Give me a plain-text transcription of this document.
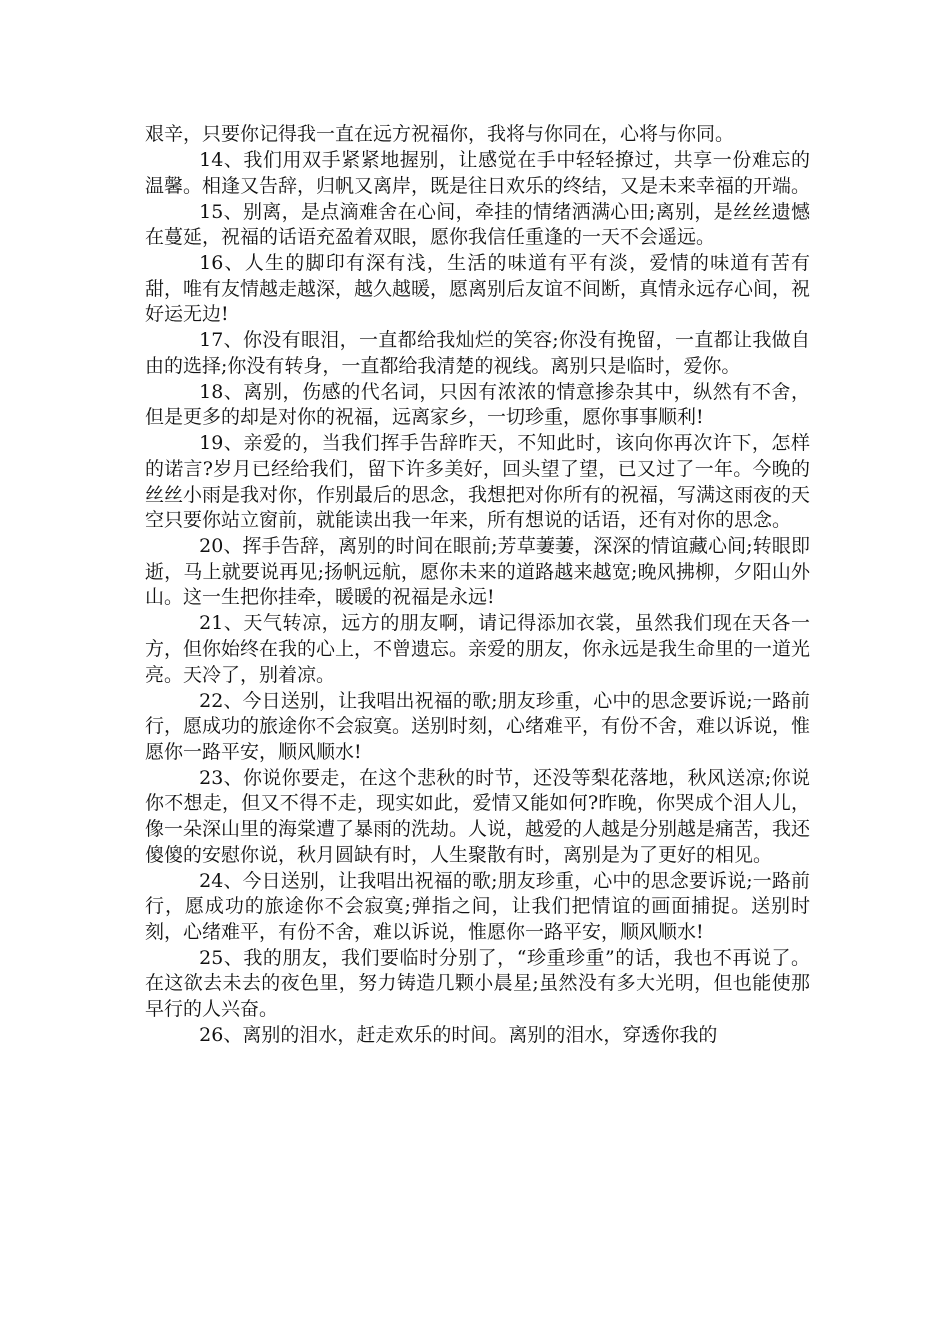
艰辛，只要你记得我一直在远方祝福你，我将与你同在，心将与你同。

14、我们用双手紧紧地握别，让感觉在手中轻轻撩过，共享一份难忘的温馨。相逢又告辞，归帆又离岸，既是往日欢乐的终结，又是未来幸福的开端。

15、别离，是点滴难舍在心间，牵挂的情绪洒满心田;离别，是丝丝遗憾在蔓延，祝福的话语充盈着双眼，愿你我信任重逢的一天不会遥远。

16、人生的脚印有深有浅，生活的味道有平有淡，爱情的味道有苦有甜，唯有友情越走越深，越久越暖，愿离别后友谊不间断，真情永远存心间，祝好运无边!

17、你没有眼泪，一直都给我灿烂的笑容;你没有挽留，一直都让我做自由的选择;你没有转身，一直都给我清楚的视线。离别只是临时，爱你。

18、离别，伤感的代名词，只因有浓浓的情意掺杂其中，纵然有不舍，但是更多的却是对你的祝福，远离家乡，一切珍重，愿你事事顺利!

19、亲爱的，当我们挥手告辞昨天，不知此时，该向你再次许下，怎样的诺言?岁月已经给我们，留下许多美好，回头望了望，已又过了一年。今晚的丝丝小雨是我对你，作别最后的思念，我想把对你所有的祝福，写满这雨夜的天空只要你站立窗前，就能读出我一年来，所有想说的话语，还有对你的思念。

20、挥手告辞，离别的时间在眼前;芳草萋萋，深深的情谊藏心间;转眼即逝，马上就要说再见;扬帆远航，愿你未来的道路越来越宽;晚风拂柳，夕阳山外山。这一生把你挂牵，暖暖的祝福是永远!

21、天气转凉，远方的朋友啊，请记得添加衣裳，虽然我们现在天各一方，但你始终在我的心上，不曾遗忘。亲爱的朋友，你永远是我生命里的一道光亮。天冷了，别着凉。

22、今日送别，让我唱出祝福的歌;朋友珍重，心中的思念要诉说;一路前行，愿成功的旅途你不会寂寞。送别时刻，心绪难平，有份不舍，难以诉说，惟愿你一路平安，顺风顺水!

23、你说你要走，在这个悲秋的时节，还没等梨花落地，秋风送凉;你说你不想走，但又不得不走，现实如此，爱情又能如何?昨晚，你哭成个泪人儿，像一朵深山里的海棠遭了暴雨的洗劫。人说，越爱的人越是分别越是痛苦，我还傻傻的安慰你说，秋月圆缺有时，人生聚散有时，离别是为了更好的相见。

24、今日送别，让我唱出祝福的歌;朋友珍重，心中的思念要诉说;一路前行，愿成功的旅途你不会寂寞;弹指之间，让我们把情谊的画面捕捉。送别时刻，心绪难平，有份不舍，难以诉说，惟愿你一路平安，顺风顺水!

25、我的朋友，我们要临时分别了，“珍重珍重”的话，我也不再说了。在这欲去未去的夜色里，努力铸造几颗小晨星;虽然没有多大光明，但也能使那早行的人兴奋。

26、离别的泪水，赶走欢乐的时间。离别的泪水，穿透你我的
